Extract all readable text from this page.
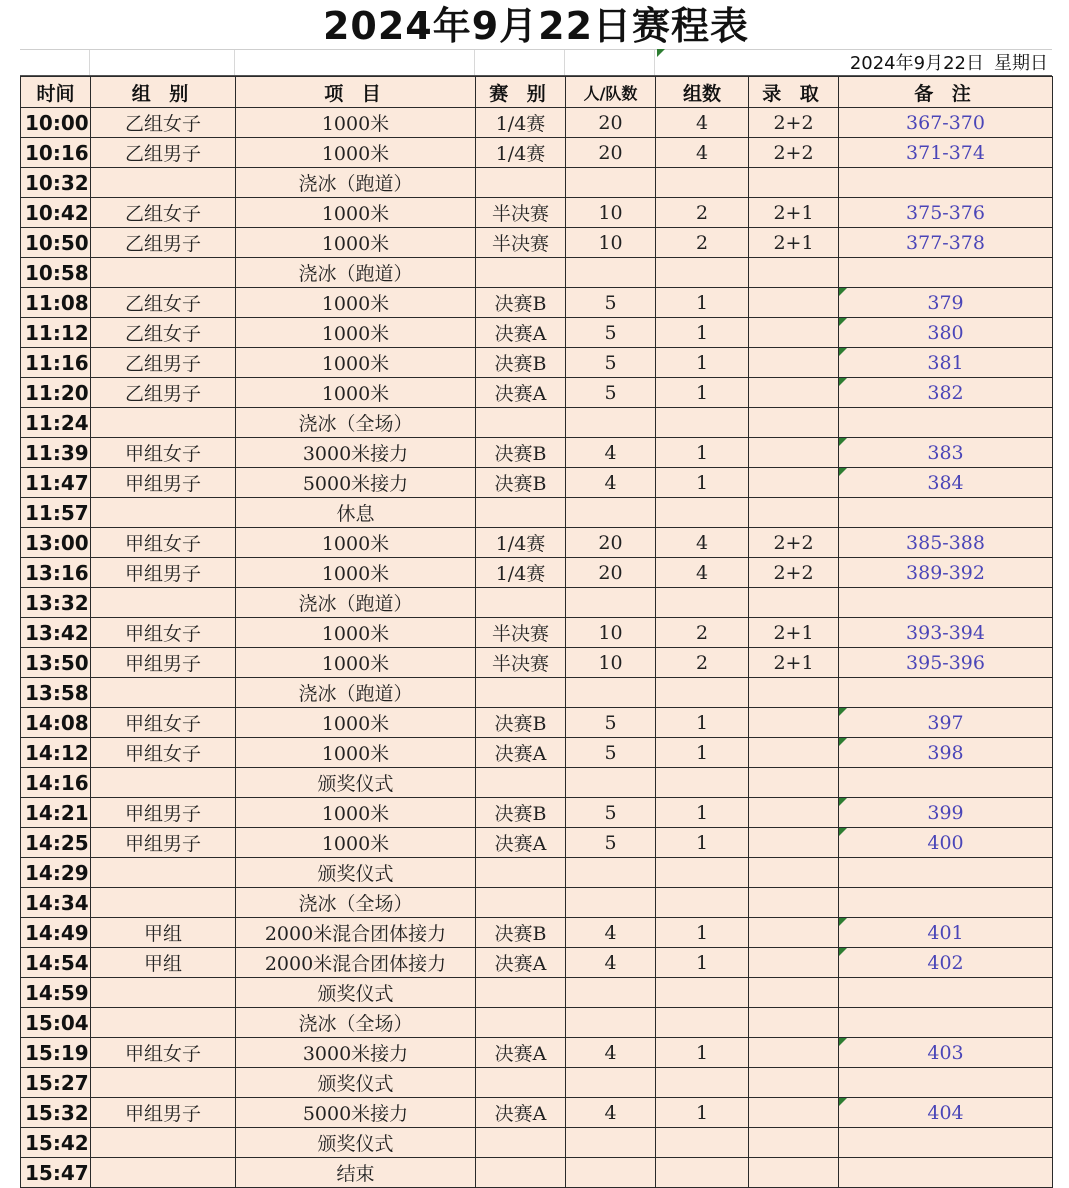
2024年9月22日赛程表
2024年9月22日 星期日
时间	组 别	项 目	赛 别	人/队数	组数	录 取	备 注
10:00	乙组女子	1000米	1/4赛	20	4	2+2	367-370
10:16	乙组男子	1000米	1/4赛	20	4	2+2	371-374
10:32		浇冰（跑道）					
10:42	乙组女子	1000米	半决赛	10	2	2+1	375-376
10:50	乙组男子	1000米	半决赛	10	2	2+1	377-378
10:58		浇冰（跑道）					
11:08	乙组女子	1000米	决赛B	5	1		379
11:12	乙组女子	1000米	决赛A	5	1		380
11:16	乙组男子	1000米	决赛B	5	1		381
11:20	乙组男子	1000米	决赛A	5	1		382
11:24		浇冰（全场）					
11:39	甲组女子	3000米接力	决赛B	4	1		383
11:47	甲组男子	5000米接力	决赛B	4	1		384
11:57		休息					
13:00	甲组女子	1000米	1/4赛	20	4	2+2	385-388
13:16	甲组男子	1000米	1/4赛	20	4	2+2	389-392
13:32		浇冰（跑道）					
13:42	甲组女子	1000米	半决赛	10	2	2+1	393-394
13:50	甲组男子	1000米	半决赛	10	2	2+1	395-396
13:58		浇冰（跑道）					
14:08	甲组女子	1000米	决赛B	5	1		397
14:12	甲组女子	1000米	决赛A	5	1		398
14:16		颁奖仪式					
14:21	甲组男子	1000米	决赛B	5	1		399
14:25	甲组男子	1000米	决赛A	5	1		400
14:29		颁奖仪式					
14:34		浇冰（全场）					
14:49	甲组	2000米混合团体接力	决赛B	4	1		401
14:54	甲组	2000米混合团体接力	决赛A	4	1		402
14:59		颁奖仪式					
15:04		浇冰（全场）					
15:19	甲组女子	3000米接力	决赛A	4	1		403
15:27		颁奖仪式					
15:32	甲组男子	5000米接力	决赛A	4	1		404
15:42		颁奖仪式					
15:47		结束					
